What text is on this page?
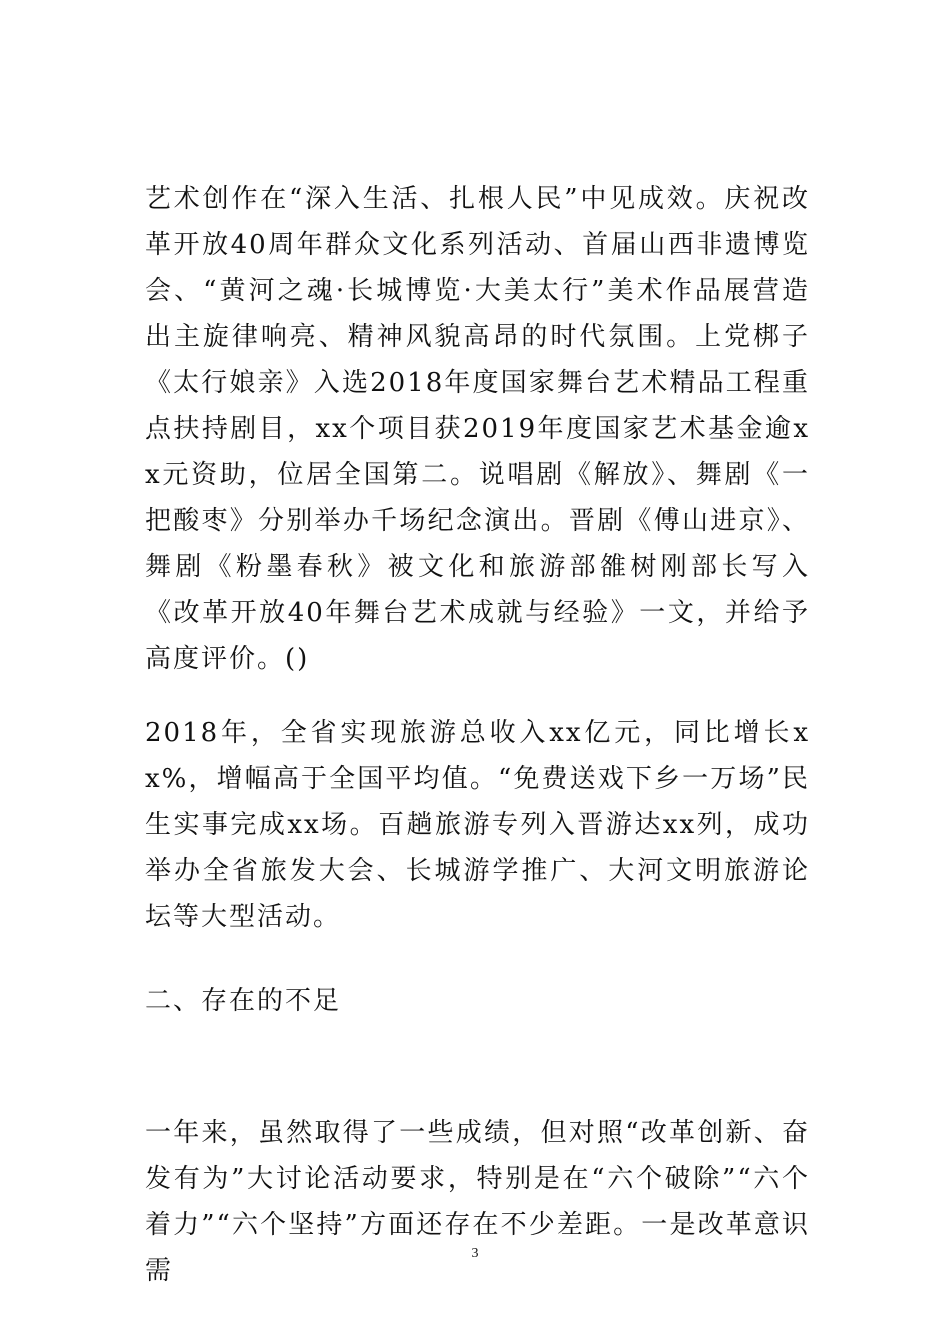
艺术创作在“深入生活、扎根人民”中见成效。庆祝改革开放40周年群众文化系列活动、首届山西非遗博览会、“黄河之魂·长城博览·大美太行”美术作品展营造出主旋律响亮、精神风貌高昂的时代氛围。上党梆子《太行娘亲》入选2018年度国家舞台艺术精品工程重点扶持剧目，xx个项目获2019年度国家艺术基金逾xx元资助，位居全国第二。说唱剧《解放》、舞剧《一把酸枣》分别举办千场纪念演出。晋剧《傅山进京》、舞剧《粉墨春秋》被文化和旅游部雒树刚部长写入《改革开放40年舞台艺术成就与经验》一文，并给予高度评价。()

2018年，全省实现旅游总收入xx亿元，同比增长xx%，增幅高于全国平均值。“免费送戏下乡一万场”民生实事完成xx场。百趟旅游专列入晋游达xx列，成功举办全省旅发大会、长城游学推广、大河文明旅游论坛等大型活动。

二、存在的不足

一年来，虽然取得了一些成绩，但对照“改革创新、奋发有为”大讨论活动要求，特别是在“六个破除”“六个着力”“六个坚持”方面还存在不少差距。一是改革意识需

3
